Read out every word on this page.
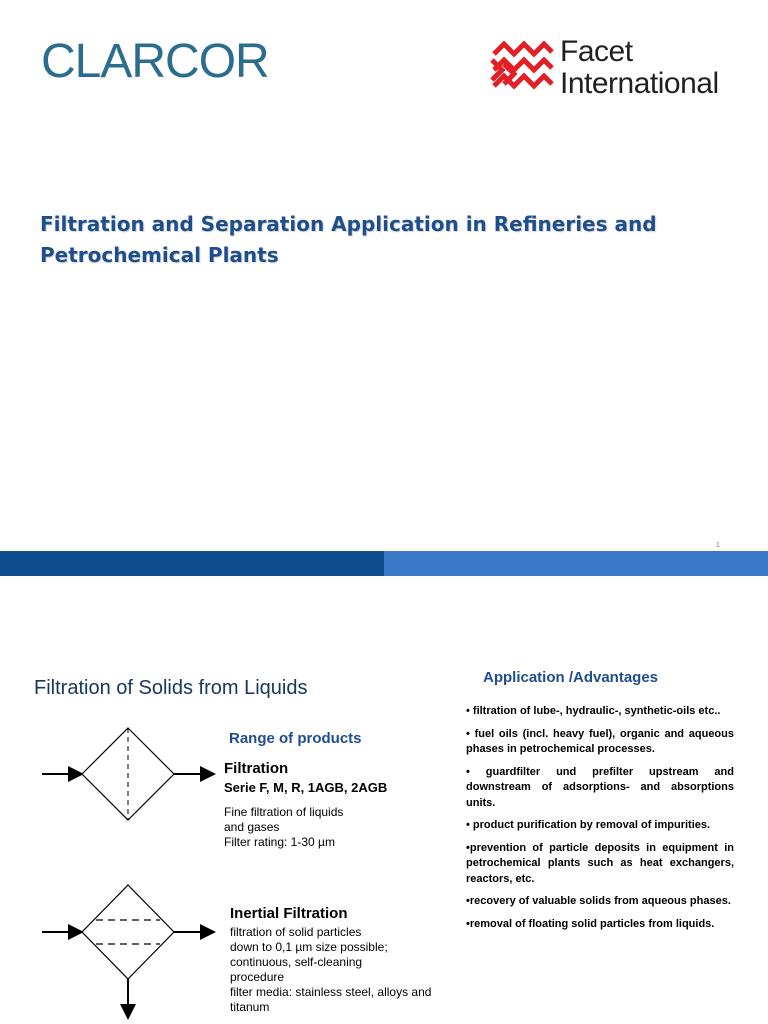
CLARCOR	Facet
International
Filtration and Separation Application in Refineries and Petrochemical Plants
1
Filtration of Solids from Liquids
Range of products
Application /Advantages
Filtration
Serie F, M, R, 1AGB, 2AGB
Fine filtration of liquids
and gases
Filter rating: 1-30 µm
Inertial Filtration
filtration of solid particles
down to 0,1 µm size possible;
continuous, self-cleaning
procedure
filter media: stainless steel, alloys and
titanum

• filtration of lube-, hydraulic-, synthetic-oils etc..

• fuel oils (incl. heavy fuel), organic and aqueous phases in petrochemical processes.

• guardfilter und prefilter upstream and downstream of adsorptions- and absorptions units.

• product purification by removal of impurities.

•prevention of particle deposits in equipment in petrochemical plants such as heat exchangers, reactors, etc.

•recovery of valuable solids from aqueous phases.

•removal of floating solid particles from liquids.
